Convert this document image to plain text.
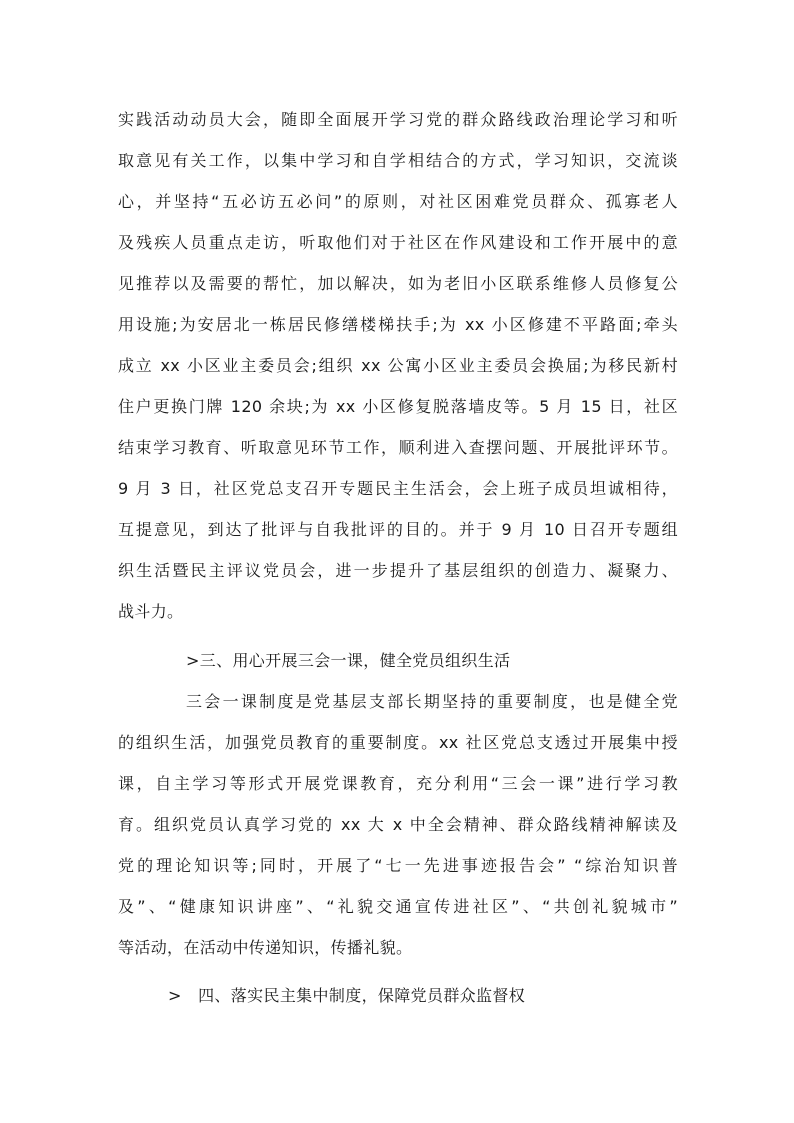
实践活动动员大会，随即全面展开学习党的群众路线政治理论学习和听
取意见有关工作，以集中学习和自学相结合的方式，学习知识，交流谈
心，并坚持“五必访五必问”的原则，对社区困难党员群众、孤寡老人
及残疾人员重点走访，听取他们对于社区在作风建设和工作开展中的意
见推荐以及需要的帮忙，加以解决，如为老旧小区联系维修人员修复公
用设施;为安居北一栋居民修缮楼梯扶手;为 xx 小区修建不平路面;牵头
成立 xx 小区业主委员会;组织 xx 公寓小区业主委员会换届;为移民新村
住户更换门牌 120 余块;为 xx 小区修复脱落墙皮等。5 月 15 日，社区
结束学习教育、听取意见环节工作，顺利进入查摆问题、开展批评环节。
9 月 3 日，社区党总支召开专题民主生活会，会上班子成员坦诚相待，
互提意见，到达了批评与自我批评的目的。并于 9 月 10 日召开专题组
织生活暨民主评议党员会，进一步提升了基层组织的创造力、凝聚力、
战斗力。
>三、用心开展三会一课，健全党员组织生活
三会一课制度是党基层支部长期坚持的重要制度，也是健全党
的组织生活，加强党员教育的重要制度。xx 社区党总支透过开展集中授
课，自主学习等形式开展党课教育，充分利用“三会一课”进行学习教
育。组织党员认真学习党的 xx 大 x 中全会精神、群众路线精神解读及
党的理论知识等;同时，开展了“七一先进事迹报告会” “综治知识普
及”、“健康知识讲座”、“礼貌交通宣传进社区”、“共创礼貌城市”
等活动，在活动中传递知识，传播礼貌。
>   四、落实民主集中制度，保障党员群众监督权
